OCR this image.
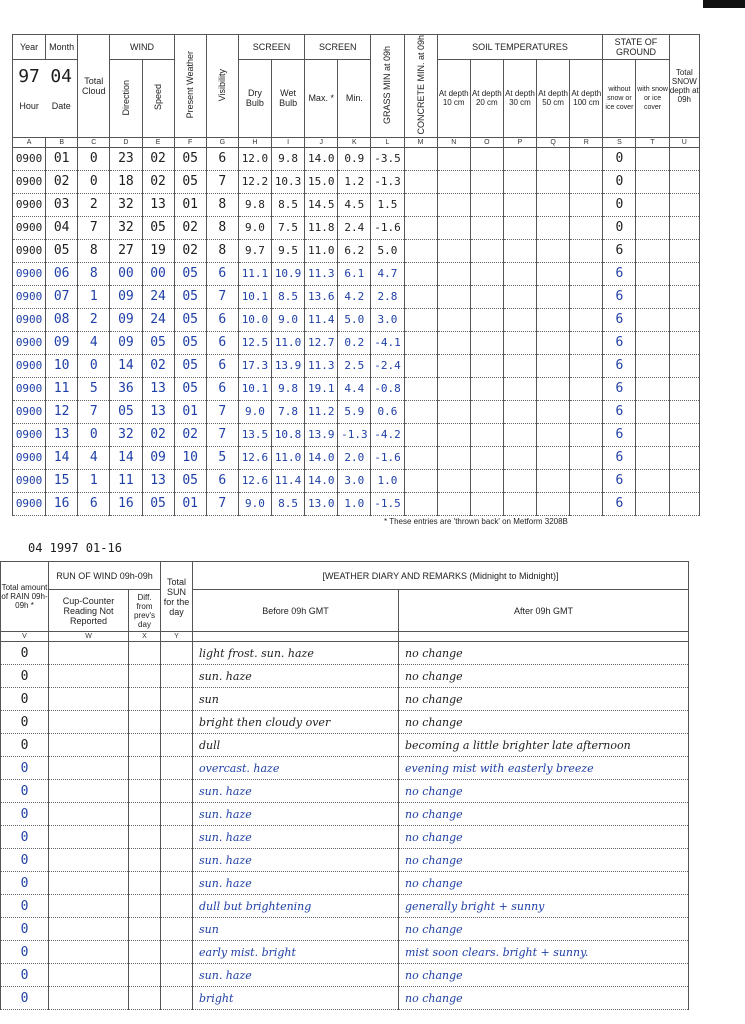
Year	Month	Total Cloud	WIND		Present Weather	Visibility	SCREEN		SCREEN		GRASS MIN at 09h	CONCRETE MIN. at 09h	SOIL TEMPERATURES					STATE OF GROUND		Total SNOW depth at 09h

97 04
Hour Date			Direction	Speed			Dry Bulb	Wet Bulb	Max. *	Min.			At depth 10 cm	At depth 20 cm	At depth 30 cm	At depth 50 cm	At depth 100 cm	without snow or ice cover	with snow or ice cover	
A	B	C	D	E	F	G	H	I	J	K	L	M	N	O	P	Q	R	S	T	U
0900	01	0	23	02	05	6	12.0	9.8	14.0	0.9	-3.5							0		
0900	02	0	18	02	05	7	12.2	10.3	15.0	1.2	-1.3							0		
0900	03	2	32	13	01	8	9.8	8.5	14.5	4.5	1.5							0		
0900	04	7	32	05	02	8	9.0	7.5	11.8	2.4	-1.6							0		
0900	05	8	27	19	02	8	9.7	9.5	11.0	6.2	5.0							6		
0900	06	8	00	00	05	6	11.1	10.9	11.3	6.1	4.7							6		
0900	07	1	09	24	05	7	10.1	8.5	13.6	4.2	2.8							6		
0900	08	2	09	24	05	6	10.0	9.0	11.4	5.0	3.0							6		
0900	09	4	09	05	05	6	12.5	11.0	12.7	0.2	-4.1							6		
0900	10	0	14	02	05	6	17.3	13.9	11.3	2.5	-2.4							6		
0900	11	5	36	13	05	6	10.1	9.8	19.1	4.4	-0.8							6		
0900	12	7	05	13	01	7	9.0	7.8	11.2	5.9	0.6							6		
0900	13	0	32	02	02	7	13.5	10.8	13.9	-1.3	-4.2							6		
0900	14	4	14	09	10	5	12.6	11.0	14.0	2.0	-1.6							6		
0900	15	1	11	13	05	6	12.6	11.4	14.0	3.0	1.0							6		
0900	16	6	16	05	01	7	9.0	8.5	13.0	1.0	-1.5							6		
* These entries are 'thrown back' on Metform 3208B
04 1997 01-16
Total amount of RAIN 09h-09h *	RUN OF WIND 09h-09h		Total SUN for the day	[WEATHER DIARY AND REMARKS (Midnight to Midnight)]	
	Cup-Counter Reading Not Reported	Diff. from prev's day		Before 09h GMT	After 09h GMT
V	W	X	Y		
0				light frost. sun. haze	no change
0				sun. haze	no change
0				sun	no change
0				bright then cloudy over	no change
0				dull	becoming a little brighter late afternoon
0				overcast. haze	evening mist with easterly breeze
0				sun. haze	no change
0				sun. haze	no change
0				sun. haze	no change
0				sun. haze	no change
0				sun. haze	no change
0				dull but brightening	generally bright + sunny
0				sun	no change
0				early mist. bright	mist soon clears. bright + sunny.
0				sun. haze	no change
0				bright	no change
